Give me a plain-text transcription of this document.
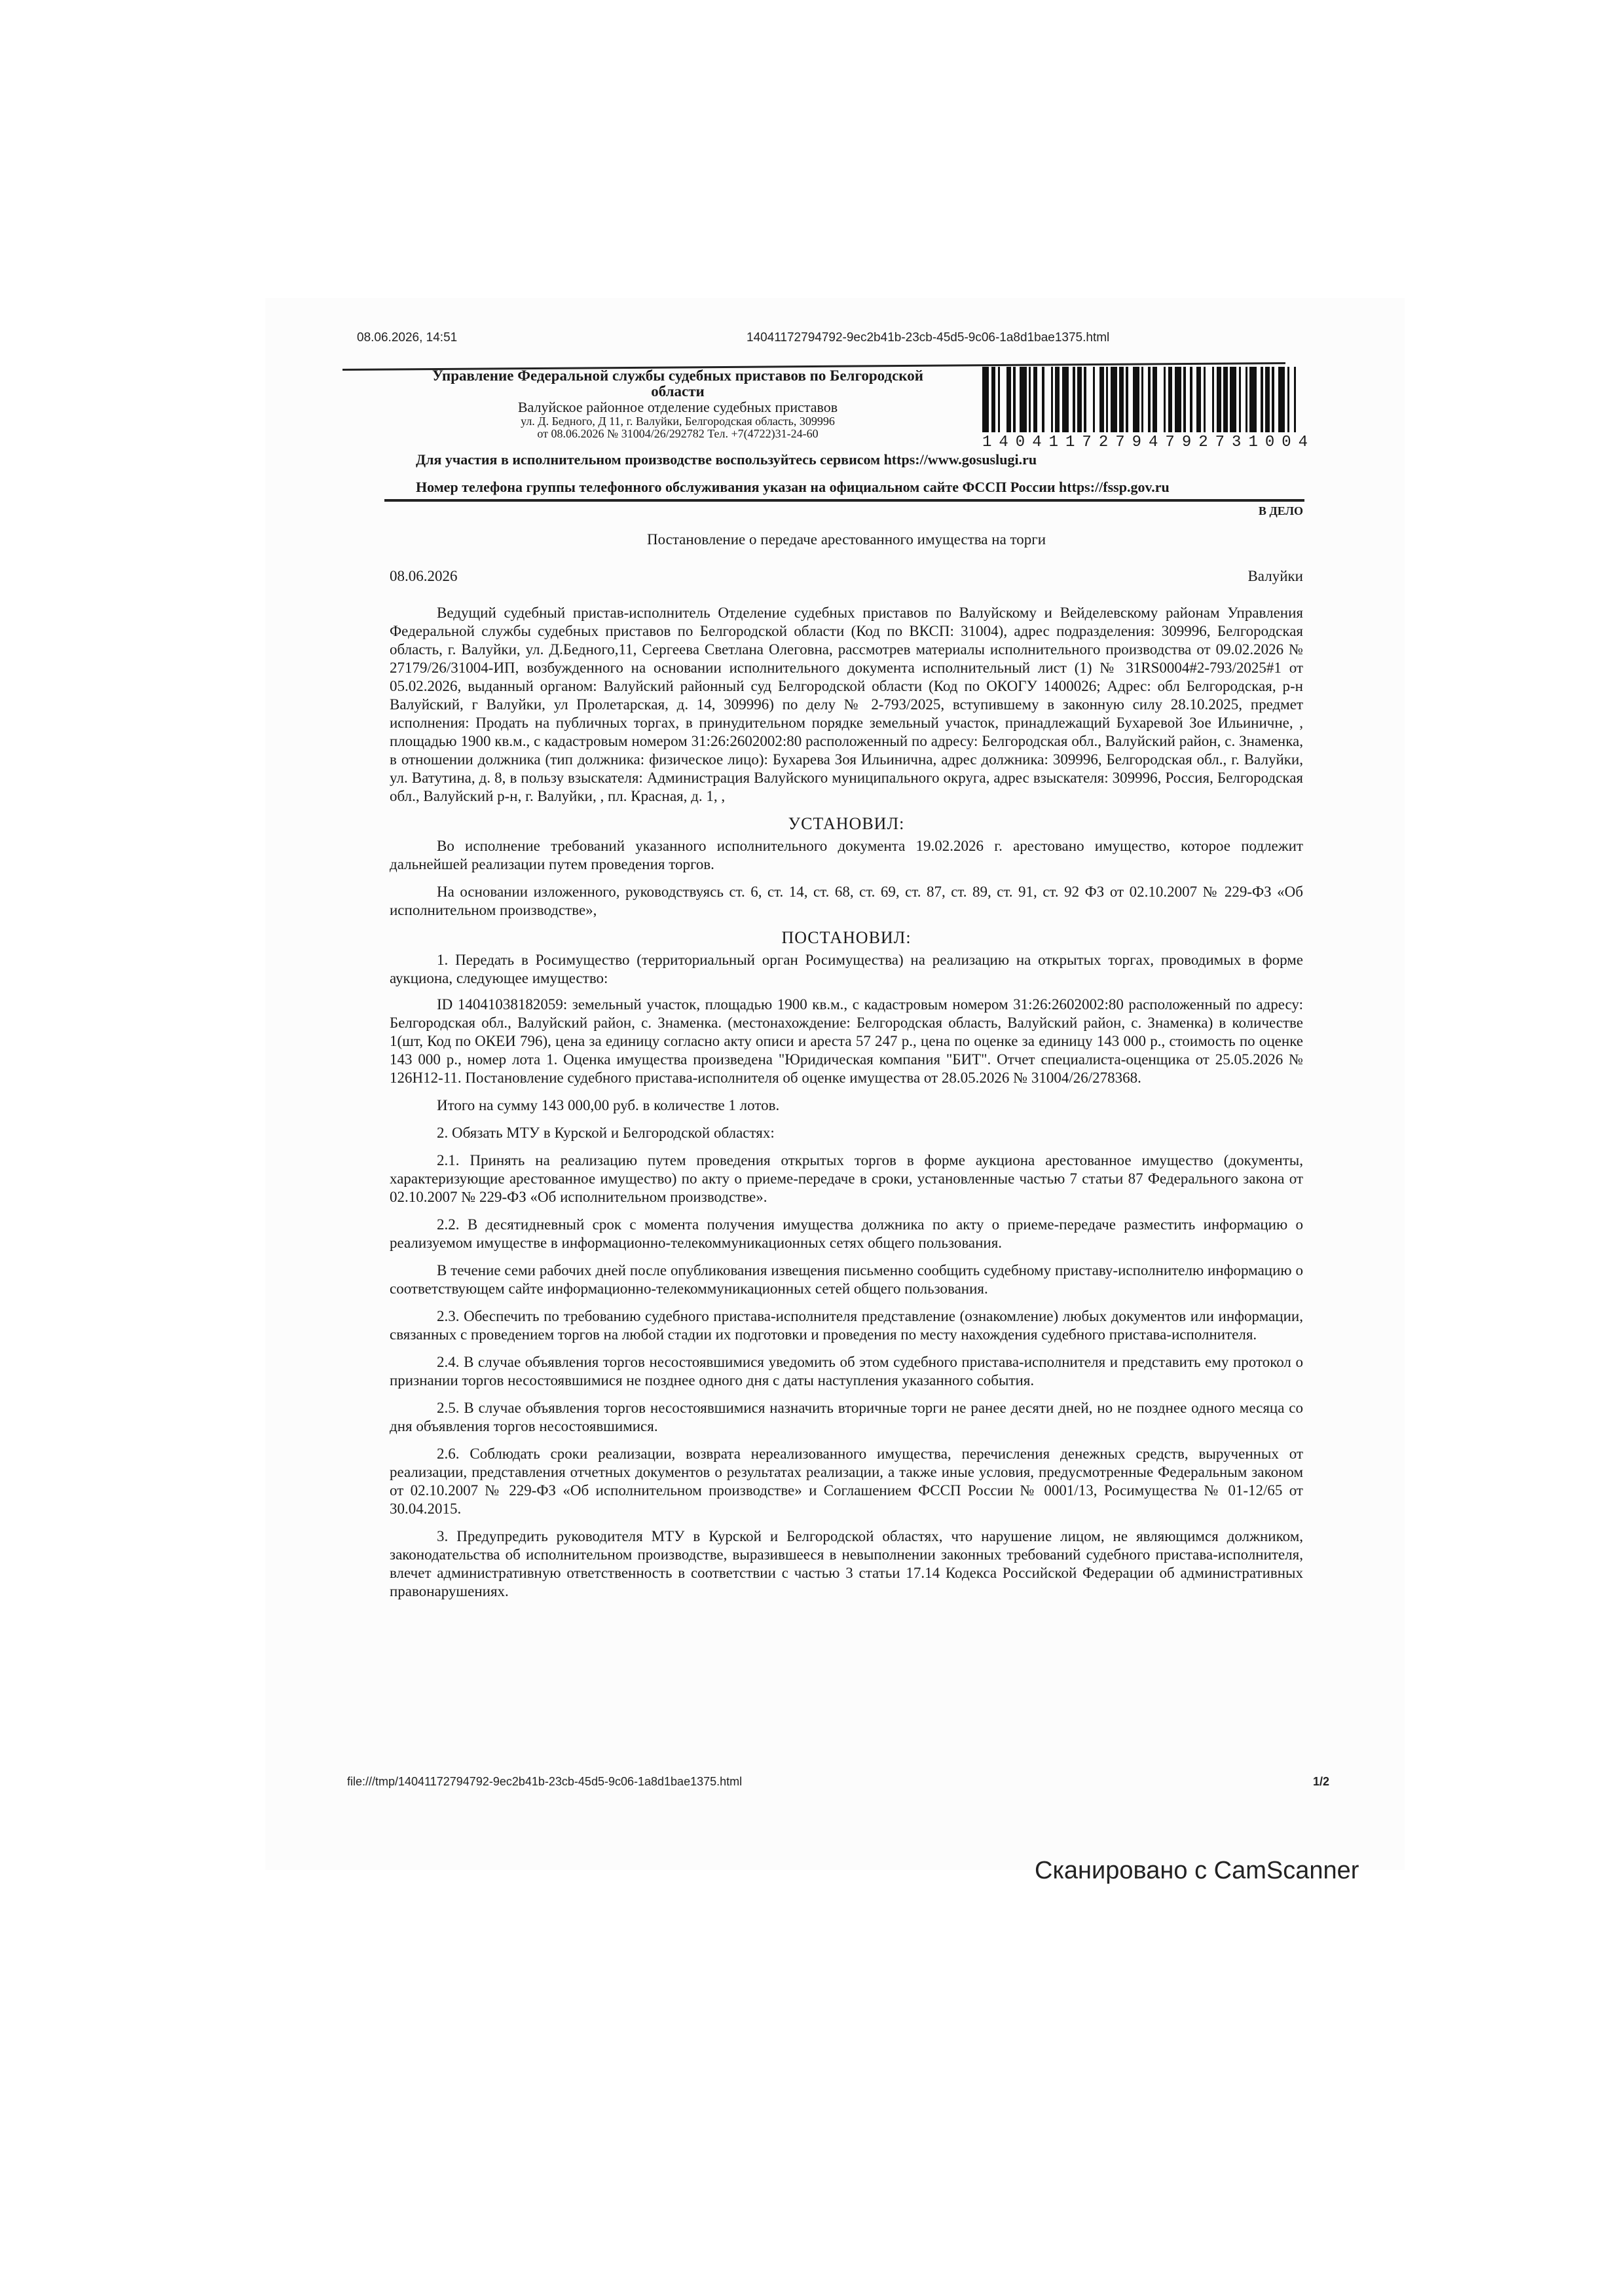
08.06.2026, 14:51	14041172794792-9ec2b41b-23cb-45d5-9c06-1a8d1bae1375.html
Управление Федеральной службы судебных приставов по Белгородской
области
Валуйское районное отделение судебных приставов
ул. Д. Бедного, Д 11, г. Валуйки, Белгородская область, 309996
от 08.06.2026 № 31004/26/292782 Тел. +7(4722)31-24-60	14041172794792731004
Для участия в исполнительном производстве воспользуйтесь сервисом https://www.gosuslugi.ru
Номер телефона группы телефонного обслуживания указан на официальном сайте ФССП России https://fssp.gov.ru
В ДЕЛО
Постановление о передаче арестованного имущества на торги
08.06.2026	Валуйки

Ведущий судебный пристав-исполнитель Отделение судебных приставов по Валуйскому и Вейделевскому районам Управления Федеральной службы судебных приставов по Белгородской области (Код по ВКСП: 31004), адрес подразделения: 309996, Белгородская область, г. Валуйки, ул. Д.Бедного,11, Сергеева Светлана Олеговна, рассмотрев материалы исполнительного производства от 09.02.2026 № 27179/26/31004-ИП, возбужденного на основании исполнительного документа исполнительный лист (1) № 31RS0004#2-793/2025#1 от 05.02.2026, выданный органом: Валуйский районный суд Белгородской области (Код по ОКОГУ 1400026; Адрес: обл Белгородская, р-н Валуйский, г Валуйки, ул Пролетарская, д. 14, 309996) по делу № 2-793/2025, вступившему в законную силу 28.10.2025, предмет исполнения: Продать на публичных торгах, в принудительном порядке земельный участок, принадлежащий Бухаревой Зое Ильиничне, , площадью 1900 кв.м., с кадастровым номером 31:26:2602002:80 расположенный по адресу: Белгородская обл., Валуйский район, с. Знаменка, в отношении должника (тип должника: физическое лицо): Бухарева Зоя Ильинична, адрес должника: 309996, Белгородская обл., г. Валуйки, ул. Ватутина, д. 8, в пользу взыскателя: Администрация Валуйского муниципального округа, адрес взыскателя: 309996, Россия, Белгородская обл., Валуйский р-н, г. Валуйки, , пл. Красная, д. 1, ,

УСТАНОВИЛ:

Во исполнение требований указанного исполнительного документа 19.02.2026 г. арестовано имущество, которое подлежит дальнейшей реализации путем проведения торгов.

На основании изложенного, руководствуясь ст. 6, ст. 14, ст. 68, ст. 69, ст. 87, ст. 89, ст. 91, ст. 92 ФЗ от 02.10.2007 № 229-ФЗ «Об исполнительном производстве»,

ПОСТАНОВИЛ:

1. Передать в Росимущество (территориальный орган Росимущества) на реализацию на открытых торгах, проводимых в форме аукциона, следующее имущество:

ID 14041038182059: земельный участок, площадью 1900 кв.м., с кадастровым номером 31:26:2602002:80 расположенный по адресу: Белгородская обл., Валуйский район, с. Знаменка. (местонахождение: Белгородская область, Валуйский район, с. Знаменка) в количестве 1(шт, Код по ОКЕИ 796), цена за единицу согласно акту описи и ареста 57 247 р., цена по оценке за единицу 143 000 р., стоимость по оценке 143 000 р., номер лота 1. Оценка имущества произведена "Юридическая компания "БИТ". Отчет специалиста-оценщика от 25.05.2026 № 126Н12-11. Постановление судебного пристава-исполнителя об оценке имущества от 28.05.2026 № 31004/26/278368.

Итого на сумму 143 000,00 руб. в количестве 1 лотов.

2. Обязать МТУ в Курской и Белгородской областях:

2.1. Принять на реализацию путем проведения открытых торгов в форме аукциона арестованное имущество (документы, характеризующие арестованное имущество) по акту о приеме-передаче в сроки, установленные частью 7 статьи 87 Федерального закона от 02.10.2007 № 229-ФЗ «Об исполнительном производстве».

2.2. В десятидневный срок с момента получения имущества должника по акту о приеме-передаче разместить информацию о реализуемом имуществе в информационно-телекоммуникационных сетях общего пользования.

В течение семи рабочих дней после опубликования извещения письменно сообщить судебному приставу-исполнителю информацию о соответствующем сайте информационно-телекоммуникационных сетей общего пользования.

2.3. Обеспечить по требованию судебного пристава-исполнителя представление (ознакомление) любых документов или информации, связанных с проведением торгов на любой стадии их подготовки и проведения по месту нахождения судебного пристава-исполнителя.

2.4. В случае объявления торгов несостоявшимися уведомить об этом судебного пристава-исполнителя и представить ему протокол о признании торгов несостоявшимися не позднее одного дня с даты наступления указанного события.

2.5. В случае объявления торгов несостоявшимися назначить вторичные торги не ранее десяти дней, но не позднее одного месяца со дня объявления торгов несостоявшимися.

2.6. Соблюдать сроки реализации, возврата нереализованного имущества, перечисления денежных средств, вырученных от реализации, представления отчетных документов о результатах реализации, а также иные условия, предусмотренные Федеральным законом от 02.10.2007 № 229-ФЗ «Об исполнительном производстве» и Соглашением ФССП России № 0001/13, Росимущества № 01-12/65 от 30.04.2015.

3. Предупредить руководителя МТУ в Курской и Белгородской областях, что нарушение лицом, не являющимся должником, законодательства об исполнительном производстве, выразившееся в невыполнении законных требований судебного пристава-исполнителя, влечет административную ответственность в соответствии с частью 3 статьи 17.14 Кодекса Российской Федерации об административных правонарушениях.

file:///tmp/14041172794792-9ec2b41b-23cb-45d5-9c06-1a8d1bae1375.html	1/2
Сканировано с CamScanner
